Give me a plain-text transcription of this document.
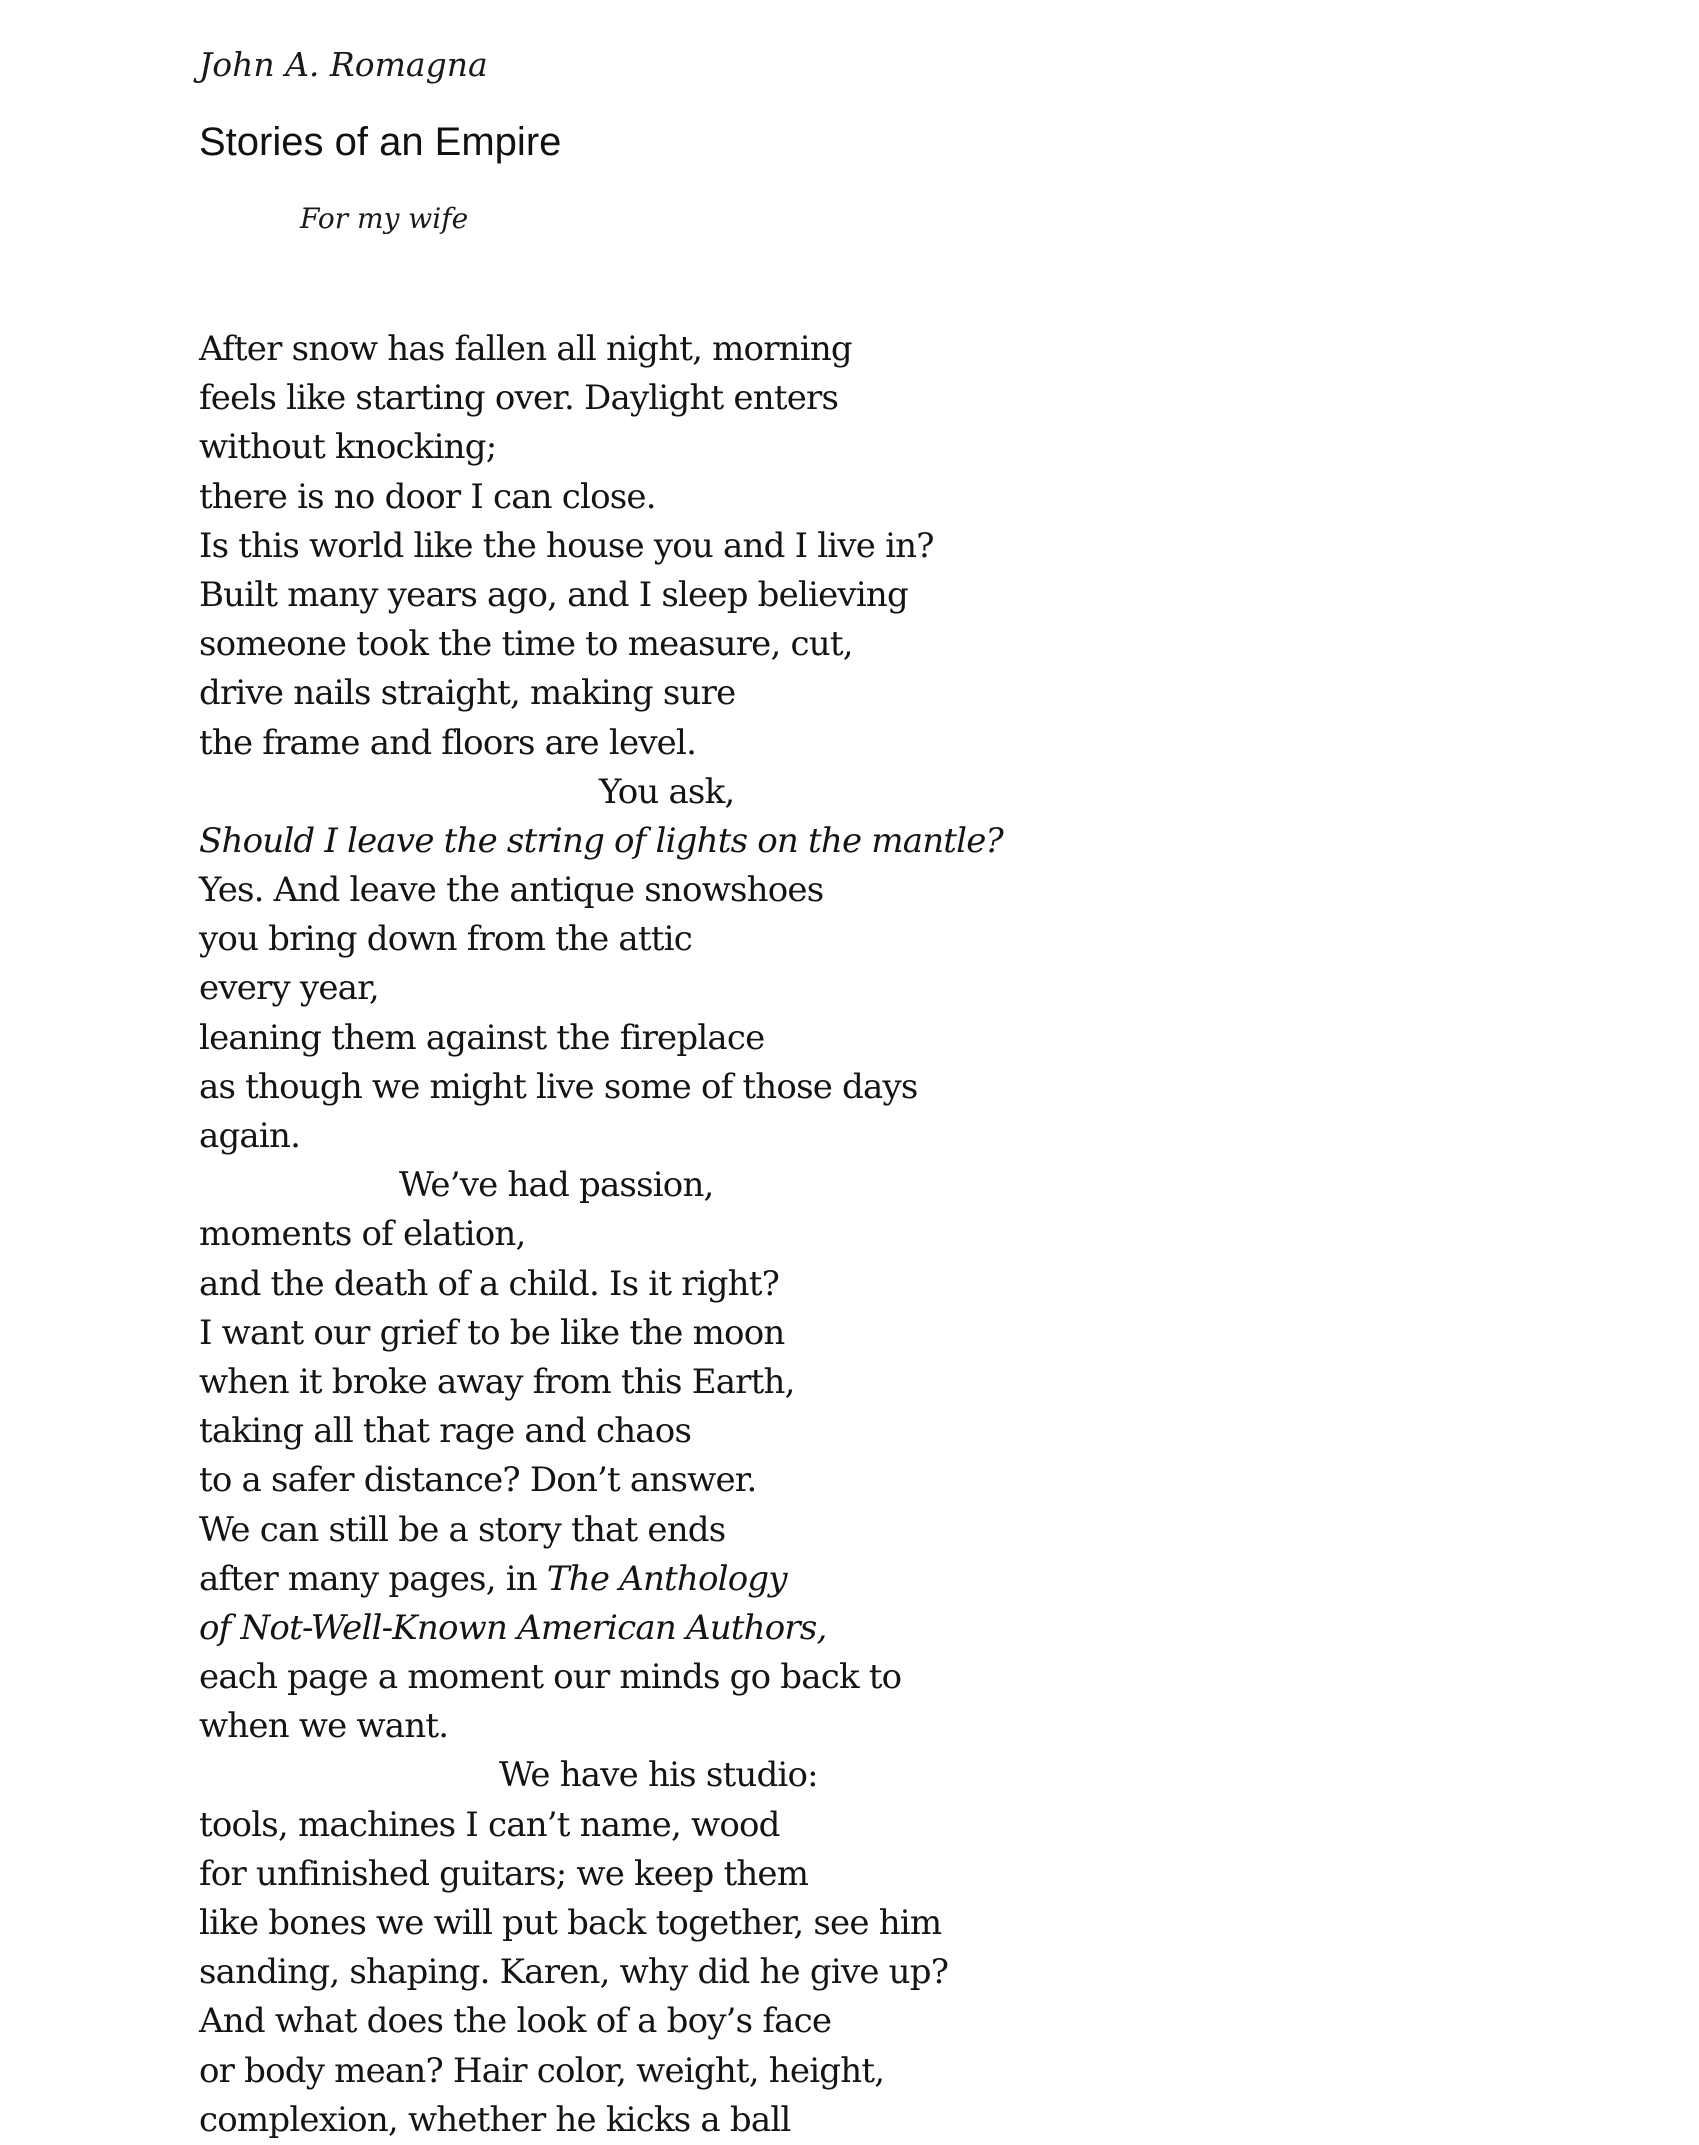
John A. Romagna
Stories of an Empire
For my wife
After snow has fallen all night, morning
feels like starting over. Daylight enters
without knocking;
there is no door I can close.
Is this world like the house you and I live in?
Built many years ago, and I sleep believing
someone took the time to measure, cut,
drive nails straight, making sure
the frame and floors are level.
You ask,
Should I leave the string of lights on the mantle?
Yes. And leave the antique snowshoes
you bring down from the attic
every year,
leaning them against the fireplace
as though we might live some of those days
again.
We’ve had passion,
moments of elation,
and the death of a child. Is it right?
I want our grief to be like the moon
when it broke away from this Earth,
taking all that rage and chaos
to a safer distance? Don’t answer.
We can still be a story that ends
after many pages, in The Anthology
of Not-Well-Known American Authors,
each page a moment our minds go back to
when we want.
We have his studio:
tools, machines I can’t name, wood
for unfinished guitars; we keep them
like bones we will put back together, see him
sanding, shaping. Karen, why did he give up?
And what does the look of a boy’s face
or body mean? Hair color, weight, height,
complexion, whether he kicks a ball
